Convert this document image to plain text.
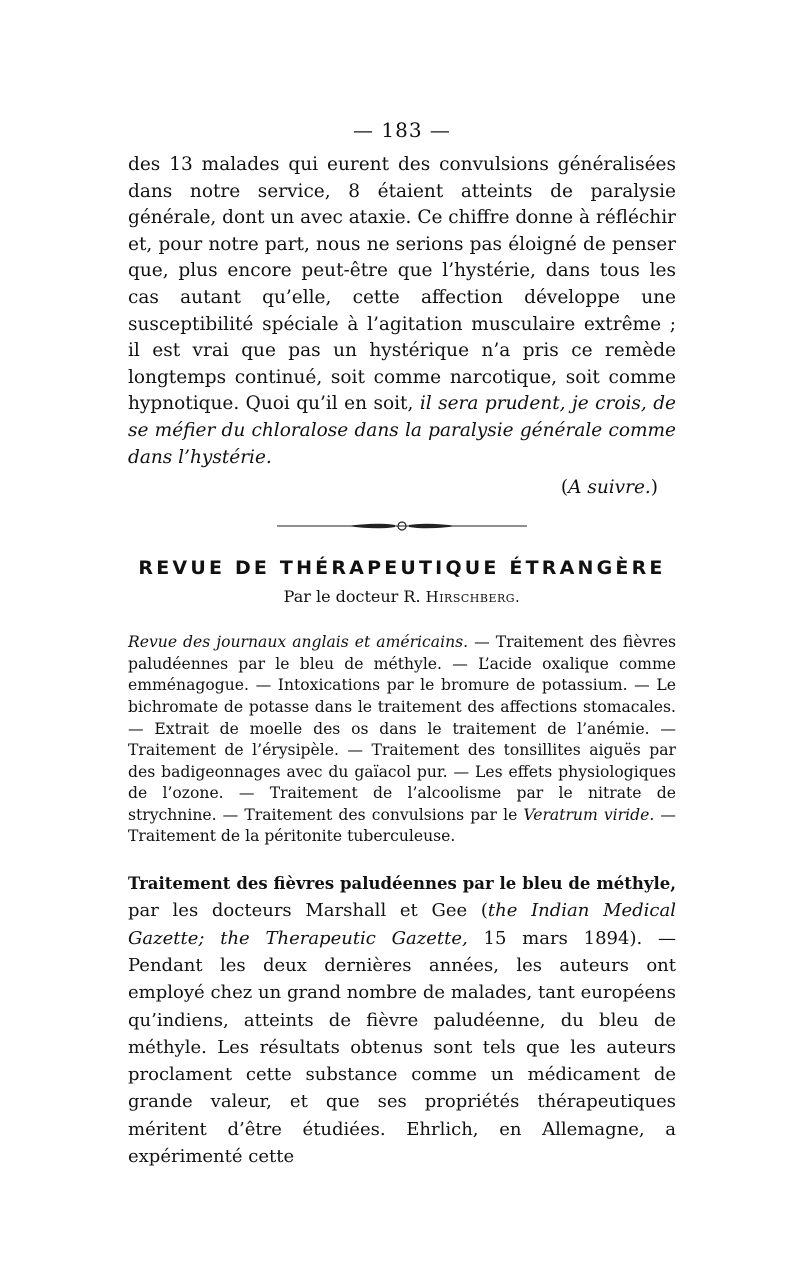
— 183 —

des 13 malades qui eurent des convulsions généralisées dans notre service, 8 étaient atteints de paralysie générale, dont un avec ataxie. Ce chiffre donne à réfléchir et, pour notre part, nous ne serions pas éloigné de penser que, plus encore peut-être que l’hystérie, dans tous les cas autant qu’elle, cette affection développe une susceptibilité spéciale à l’agitation musculaire extrême ; il est vrai que pas un hystérique n’a pris ce remède longtemps continué, soit comme narcotique, soit comme hypnotique. Quoi qu’il en soit, il sera prudent, je crois, de se méfier du chloralose dans la paralysie générale comme dans l’hystérie.

(A suivre.)
REVUE DE THÉRAPEUTIQUE ÉTRANGÈRE
Par le docteur R. Hirschberg.

Revue des journaux anglais et américains. — Traitement des fièvres paludéennes par le bleu de méthyle. — L’acide oxalique comme emménagogue. — Intoxications par le bromure de potassium. — Le bichromate de potasse dans le traitement des affections stomacales. — Extrait de moelle des os dans le traitement de l’anémie. — Traitement de l’érysipèle. — Traitement des tonsillites aiguës par des badigeonnages avec du gaïacol pur. — Les effets physiologiques de l’ozone. — Traitement de l’alcoolisme par le nitrate de strychnine. — Traitement des convulsions par le Veratrum viride. — Traitement de la péritonite tuberculeuse.

Traitement des fièvres paludéennes par le bleu de méthyle, par les docteurs Marshall et Gee (the Indian Medical Gazette; the Therapeutic Gazette, 15 mars 1894). — Pendant les deux dernières années, les auteurs ont employé chez un grand nombre de malades, tant européens qu’indiens, atteints de fièvre paludéenne, du bleu de méthyle. Les résultats obtenus sont tels que les auteurs proclament cette substance comme un médicament de grande valeur, et que ses propriétés thérapeutiques méritent d’être étudiées. Ehrlich, en Allemagne, a expérimenté cette
